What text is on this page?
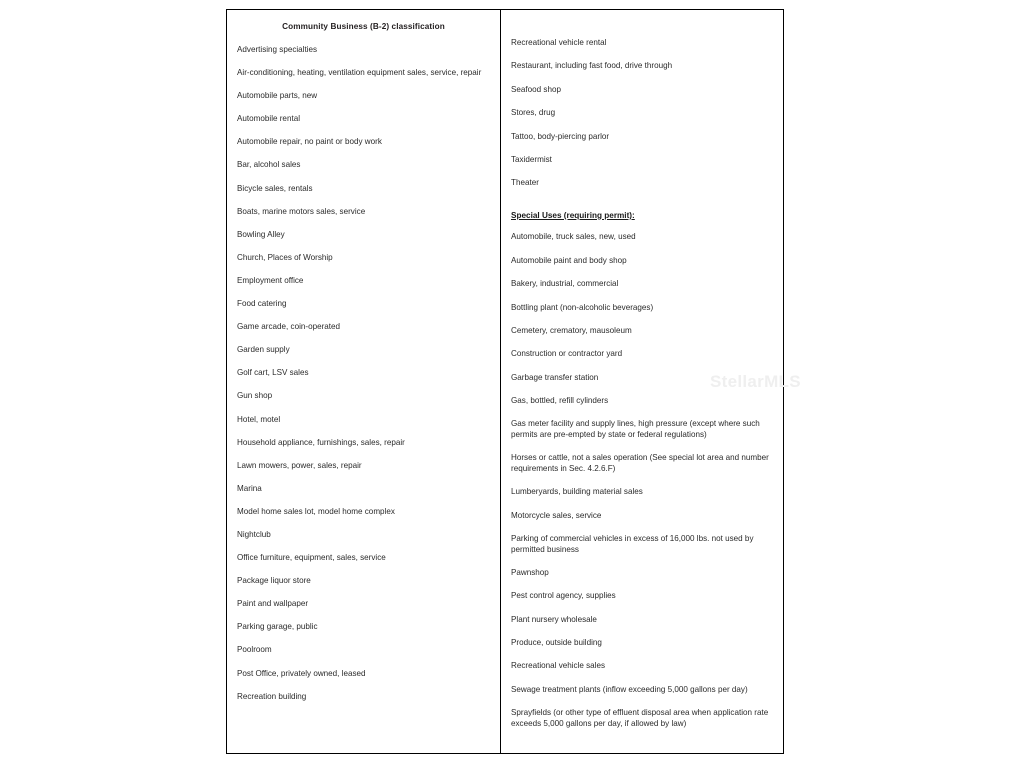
Community Business (B-2) classification
Advertising specialties
Air-conditioning, heating, ventilation equipment sales, service, repair
Automobile parts, new
Automobile rental
Automobile repair, no paint or body work
Bar, alcohol sales
Bicycle sales, rentals
Boats, marine motors sales, service
Bowling Alley
Church, Places of Worship
Employment office
Food catering
Game arcade, coin-operated
Garden supply
Golf cart, LSV sales
Gun shop
Hotel, motel
Household appliance, furnishings, sales, repair
Lawn mowers, power, sales, repair
Marina
Model home sales lot, model home complex
Nightclub
Office furniture, equipment, sales, service
Package liquor store
Paint and wallpaper
Parking garage, public
Poolroom
Post Office, privately owned, leased
Recreation building
Recreational vehicle rental
Restaurant, including fast food, drive through
Seafood shop
Stores, drug
Tattoo, body-piercing parlor
Taxidermist
Theater
Special Uses (requiring permit):
Automobile, truck sales, new, used
Automobile paint and body shop
Bakery, industrial, commercial
Bottling plant (non-alcoholic beverages)
Cemetery, crematory, mausoleum
Construction or contractor yard
Garbage transfer station
Gas, bottled, refill cylinders
Gas meter facility and supply lines, high pressure (except where such permits are pre-empted by state or federal regulations)
Horses or cattle, not a sales operation (See special lot area and number requirements in Sec. 4.2.6.F)
Lumberyards, building material sales
Motorcycle sales, service
Parking of commercial vehicles in excess of 16,000 lbs. not used by permitted business
Pawnshop
Pest control agency, supplies
Plant nursery wholesale
Produce, outside building
Recreational vehicle sales
Sewage treatment plants (inflow exceeding 5,000 gallons per day)
Sprayfields (or other type of effluent disposal area when application rate exceeds 5,000 gallons per day, if allowed by law)
StellarMLS
